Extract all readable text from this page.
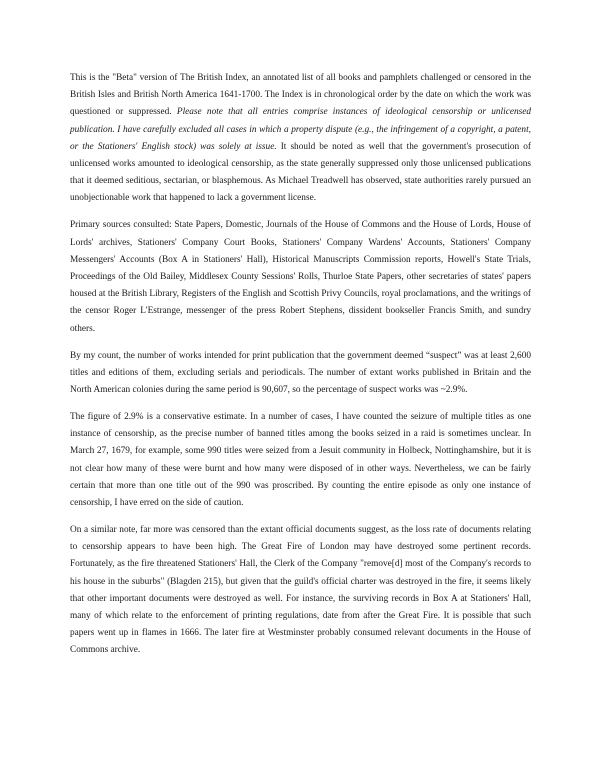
This is the "Beta" version of The British Index, an annotated list of all books and pamphlets challenged or censored in the British Isles and British North America 1641-1700. The Index is in chronological order by the date on which the work was questioned or suppressed. Please note that all entries comprise instances of ideological censorship or unlicensed publication. I have carefully excluded all cases in which a property dispute (e.g., the infringement of a copyright, a patent, or the Stationers' English stock) was solely at issue. It should be noted as well that the government's prosecution of unlicensed works amounted to ideological censorship, as the state generally suppressed only those unlicensed publications that it deemed seditious, sectarian, or blasphemous. As Michael Treadwell has observed, state authorities rarely pursued an unobjectionable work that happened to lack a government license.

Primary sources consulted: State Papers, Domestic, Journals of the House of Commons and the House of Lords, House of Lords' archives, Stationers' Company Court Books, Stationers' Company Wardens' Accounts, Stationers' Company Messengers' Accounts (Box A in Stationers' Hall), Historical Manuscripts Commission reports, Howell's State Trials, Proceedings of the Old Bailey, Middlesex County Sessions' Rolls, Thurloe State Papers, other secretaries of states' papers housed at the British Library, Registers of the English and Scottish Privy Councils, royal proclamations, and the writings of the censor Roger L'Estrange, messenger of the press Robert Stephens, dissident bookseller Francis Smith, and sundry others.

By my count, the number of works intended for print publication that the government deemed “suspect” was at least 2,600 titles and editions of them, excluding serials and periodicals. The number of extant works published in Britain and the North American colonies during the same period is 90,607, so the percentage of suspect works was ~2.9%.

The figure of 2.9% is a conservative estimate. In a number of cases, I have counted the seizure of multiple titles as one instance of censorship, as the precise number of banned titles among the books seized in a raid is sometimes unclear. In March 27, 1679, for example, some 990 titles were seized from a Jesuit community in Holbeck, Nottinghamshire, but it is not clear how many of these were burnt and how many were disposed of in other ways. Nevertheless, we can be fairly certain that more than one title out of the 990 was proscribed. By counting the entire episode as only one instance of censorship, I have erred on the side of caution.

On a similar note, far more was censored than the extant official documents suggest, as the loss rate of documents relating to censorship appears to have been high. The Great Fire of London may have destroyed some pertinent records. Fortunately, as the fire threatened Stationers' Hall, the Clerk of the Company "remove[d] most of the Company's records to his house in the suburbs" (Blagden 215), but given that the guild's official charter was destroyed in the fire, it seems likely that other important documents were destroyed as well. For instance, the surviving records in Box A at Stationers' Hall, many of which relate to the enforcement of printing regulations, date from after the Great Fire. It is possible that such papers went up in flames in 1666. The later fire at Westminster probably consumed relevant documents in the House of Commons archive.
